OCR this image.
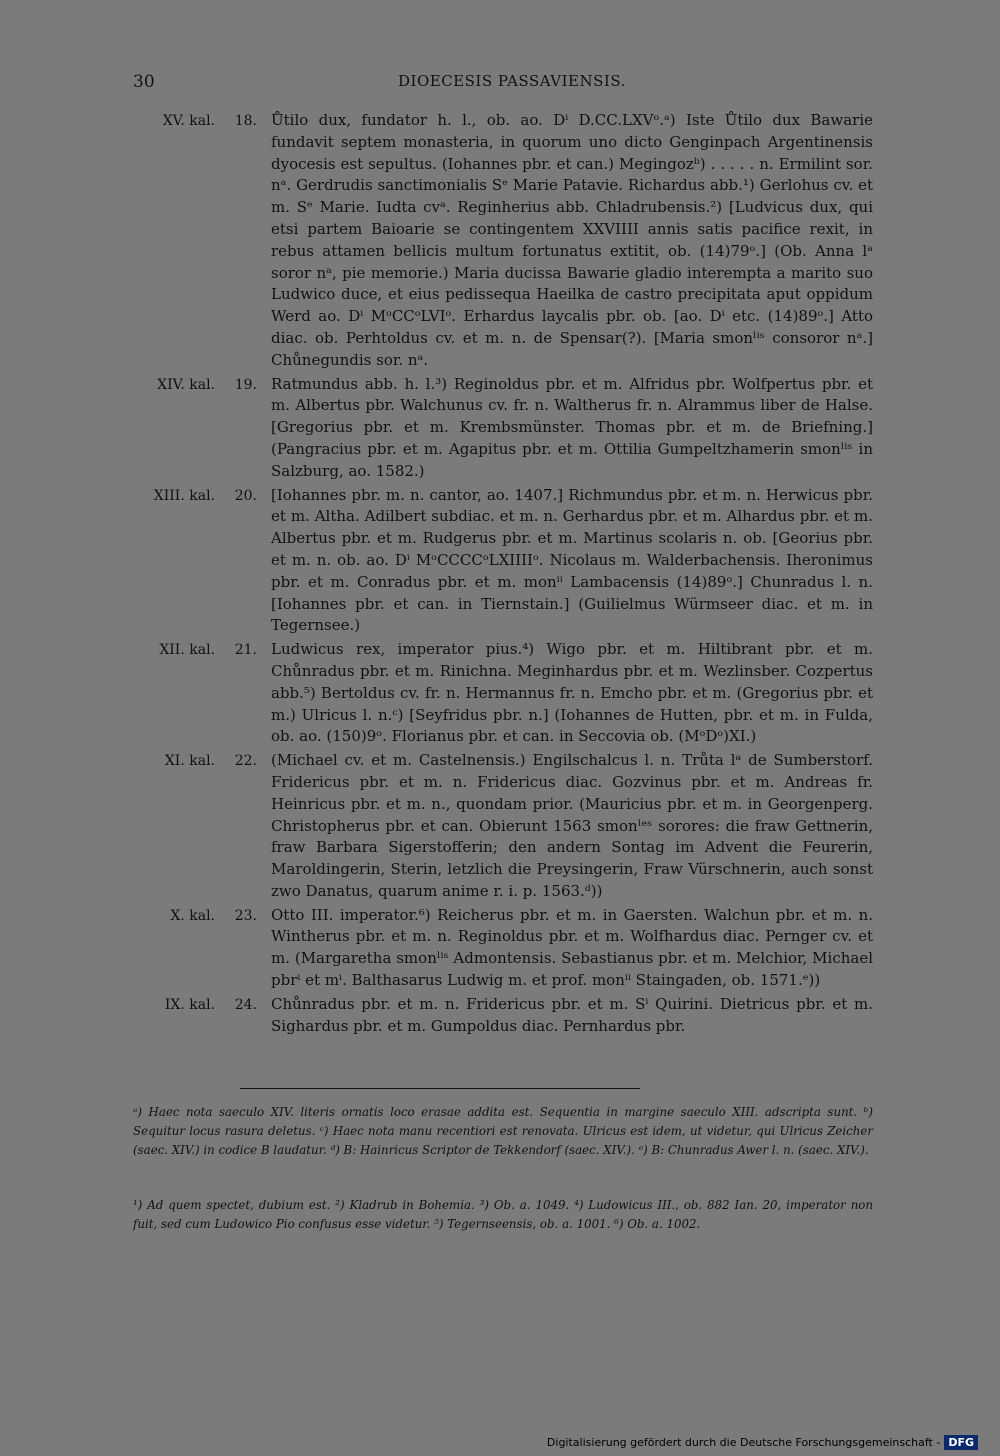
30	DIOECESIS PASSAVIENSIS.
XV. kal.	18. Ůtilo dux, fundator h. l., ob. ao. Dⁱ D.CC.LXVᵒ.ᵃ) Iste Ůtilo dux Bawarie fundavit septem monasteria, in quorum uno dicto Genginpach Argentinensis dyocesis est sepultus. (Iohannes pbr. et can.) Megingozᵇ) . . . . . n. Ermilint sor. nᵃ. Gerdrudis sanctimonialis Sᵉ Marie Patavie. Richardus abb.¹) Gerlohus cv. et m. Sᵉ Marie. Iudta cvᵃ. Reginherius abb. Chladrubensis.²) [Ludvicus dux, qui etsi partem Baioarie se contingentem XXVIIII annis satis pacifice rexit, in rebus attamen bellicis multum fortunatus extitit, ob. (14)79ᵒ.] (Ob. Anna lᵃ soror nᵃ, pie memorie.) Maria ducissa Bawarie gladio interempta a marito suo Ludwico duce, et eius pedissequa Haeilka de castro precipitata aput oppidum Werd ao. Dⁱ MᵒCCᵒLVIᵒ. Erhardus laycalis pbr. ob. [ao. Dⁱ etc. (14)89ᵒ.] Atto diac. ob. Perhtoldus cv. et m. n. de Spensar(?). [Maria smonˡⁱˢ consoror nᵃ.] Chůnegundis sor. nᵃ.
XIV. kal.	19. Ratmundus abb. h. l.³) Reginoldus pbr. et m. Alfridus pbr. Wolfpertus pbr. et m. Albertus pbr. Walchunus cv. fr. n. Waltherus fr. n. Alrammus liber de Halse. [Gregorius pbr. et m. Krembsmünster. Thomas pbr. et m. de Briefning.] (Pangracius pbr. et m. Agapitus pbr. et m. Ottilia Gumpeltzhamerin smonˡⁱˢ in Salzburg, ao. 1582.)
XIII. kal.	20. [Iohannes pbr. m. n. cantor, ao. 1407.] Richmundus pbr. et m. n. Herwicus pbr. et m. Altha. Adilbert subdiac. et m. n. Gerhardus pbr. et m. Alhardus pbr. et m. Albertus pbr. et m. Rudgerus pbr. et m. Martinus scolaris n. ob. [Georius pbr. et m. n. ob. ao. Dⁱ MᵒCCCCᵒLXIIIIᵒ. Nicolaus m. Walderbachensis. Iheronimus pbr. et m. Conradus pbr. et m. monⁱⁱ Lambacensis (14)89ᵒ.] Chunradus l. n. [Iohannes pbr. et can. in Tiernstain.] (Guilielmus Würmseer diac. et m. in Tegernsee.)
XII. kal.	21. Ludwicus rex, imperator pius.⁴) Wigo pbr. et m. Hiltibrant pbr. et m. Chůnradus pbr. et m. Rinichna. Meginhardus pbr. et m. Wezlinsber. Cozpertus abb.⁵) Bertoldus cv. fr. n. Hermannus fr. n. Emcho pbr. et m. (Gregorius pbr. et m.) Ulricus l. n.ᶜ) [Seyfridus pbr. n.] (Iohannes de Hutten, pbr. et m. in Fulda, ob. ao. (150)9ᵒ. Florianus pbr. et can. in Seccovia ob. (MᵒDᵒ)XI.)
XI. kal.	22. (Michael cv. et m. Castelnensis.) Engilschalcus l. n. Trůta lᵃ de Sumberstorf. Fridericus pbr. et m. n. Fridericus diac. Gozvinus pbr. et m. Andreas fr. Heinricus pbr. et m. n., quondam prior. (Mauricius pbr. et m. in Georgenperg. Christopherus pbr. et can. Obierunt 1563 smonˡᵉˢ sorores: die fraw Gettnerin, fraw Barbara Sigerstofferin; den andern Sontag im Advent die Feurerin, Maroldingerin, Sterin, letzlich die Preysingerin, Fraw Vürschnerin, auch sonst zwo Danatus, quarum anime r. i. p. 1563.ᵈ))
X. kal.	23. Otto III. imperator.⁶) Reicherus pbr. et m. in Gaersten. Walchun pbr. et m. n. Wintherus pbr. et m. n. Reginoldus pbr. et m. Wolfhardus diac. Pernger cv. et m. (Margaretha smonˡⁱˢ Admontensis. Sebastianus pbr. et m. Melchior, Michael pbrⁱ et mⁱ. Balthasarus Ludwig m. et prof. monⁱⁱ Staingaden, ob. 1571.ᵉ))
IX. kal.	24. Chůnradus pbr. et m. n. Fridericus pbr. et m. Sⁱ Quirini. Dietricus pbr. et m. Sighardus pbr. et m. Gumpoldus diac. Pernhardus pbr.
ᵃ) Haec nota saeculo XIV. literis ornatis loco erasae addita est. Sequentia in margine saeculo XIII. adscripta sunt. ᵇ) Sequitur locus rasura deletus. ᶜ) Haec nota manu recentiori est renovata. Ulricus est idem, ut videtur, qui Ulricus Zeicher (saec. XIV.) in codice B laudatur. ᵈ) B: Hainricus Scriptor de Tekkendorf (saec. XIV.). ᵉ) B: Chunradus Awer l. n. (saec. XIV.).
¹) Ad quem spectet, dubium est. ²) Kladrub in Bohemia. ³) Ob. a. 1049. ⁴) Ludowicus III., ob. 882 Ian. 20, imperator non fuit, sed cum Ludowico Pio confusus esse videtur. ⁵) Tegernseensis, ob. a. 1001. ⁶) Ob. a. 1002.
Digitalisierung gefördert durch die Deutsche Forschungsgemeinschaft - DFG
